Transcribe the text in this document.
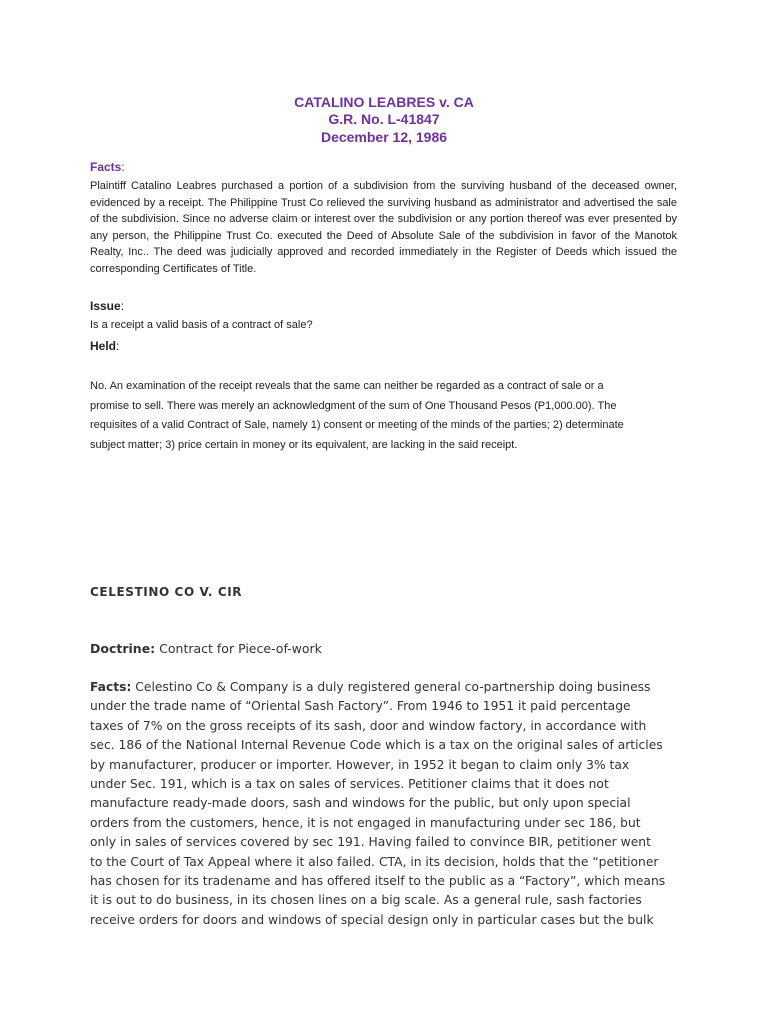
CATALINO LEABRES v. CA
G.R. No. L-41847
December 12, 1986
Facts:
Plaintiff Catalino Leabres purchased a portion of a subdivision from the surviving husband of the deceased owner, evidenced by a receipt. The Philippine Trust Co relieved the surviving husband as administrator and advertised the sale of the subdivision. Since no adverse claim or interest over the subdivision or any portion thereof was ever presented by any person, the Philippine Trust Co. executed the Deed of Absolute Sale of the subdivision in favor of the Manotok Realty, Inc.. The deed was judicially approved and recorded immediately in the Register of Deeds which issued the corresponding Certificates of Title.
Issue:
Is a receipt a valid basis of a contract of sale?
Held:
No. An examination of the receipt reveals that the same can neither be regarded as a contract of sale or a
promise to sell. There was merely an acknowledgment of the sum of One Thousand Pesos (P1,000.00). The
requisites of a valid Contract of Sale, namely 1) consent or meeting of the minds of the parties; 2) determinate
subject matter; 3) price certain in money or its equivalent, are lacking in the said receipt.
CELESTINO CO V. CIR
Doctrine: Contract for Piece-of-work
Facts: Celestino Co & Company is a duly registered general co-partnership doing business
under the trade name of “Oriental Sash Factory”. From 1946 to 1951 it paid percentage
taxes of 7% on the gross receipts of its sash, door and window factory, in accordance with
sec. 186 of the National Internal Revenue Code which is a tax on the original sales of articles
by manufacturer, producer or importer. However, in 1952 it began to claim only 3% tax
under Sec. 191, which is a tax on sales of services. Petitioner claims that it does not
manufacture ready-made doors, sash and windows for the public, but only upon special
orders from the customers, hence, it is not engaged in manufacturing under sec 186, but
only in sales of services covered by sec 191. Having failed to convince BIR, petitioner went
to the Court of Tax Appeal where it also failed. CTA, in its decision, holds that the “petitioner
has chosen for its tradename and has offered itself to the public as a “Factory”, which means
it is out to do business, in its chosen lines on a big scale. As a general rule, sash factories
receive orders for doors and windows of special design only in particular cases but the bulk
